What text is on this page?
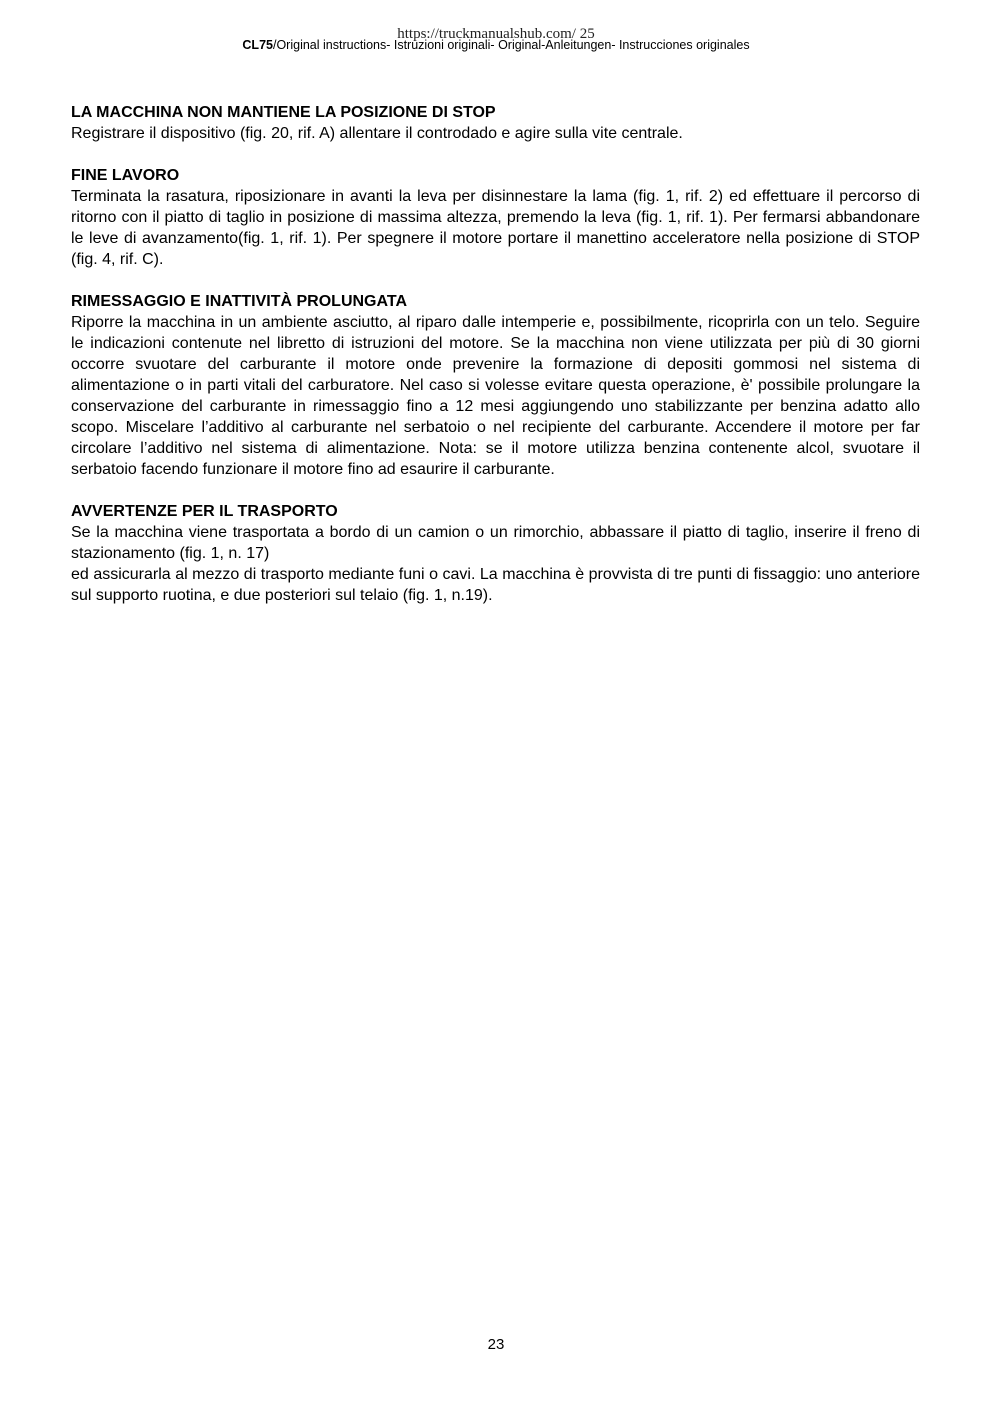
https://truckmanualshub.com/ 25
CL75/Original instructions- Istruzioni originali- Original-Anleitungen- Instrucciones originales
LA MACCHINA NON MANTIENE LA POSIZIONE DI STOP

Registrare il dispositivo (fig. 20, rif. A) allentare il controdado e agire sulla vite centrale.

FINE LAVORO

Terminata la rasatura, riposizionare in avanti la leva per disinnestare la lama (fig. 1, rif. 2) ed effettuare il percorso di ritorno con il piatto di taglio in posizione di massima altezza, premendo la leva (fig. 1, rif. 1). Per fermarsi abbandonare le leve di avanzamento(fig. 1, rif. 1). Per spegnere il motore portare il manettino acceleratore nella posizione di STOP (fig. 4, rif. C).

RIMESSAGGIO E INATTIVITÀ PROLUNGATA

Riporre la macchina in un ambiente asciutto, al riparo dalle intemperie e, possibilmente, ricoprirla con un telo. Seguire le indicazioni contenute nel libretto di istruzioni del motore. Se la macchina non viene utilizzata per più di 30 giorni occorre svuotare del carburante il motore onde prevenire la formazione di depositi gommosi nel sistema di alimentazione o in parti vitali del carburatore. Nel caso si volesse evitare questa operazione, è' possibile prolungare la conservazione del carburante in rimessaggio fino a 12 mesi aggiungendo uno stabilizzante per benzina adatto allo scopo. Miscelare l’additivo al carburante nel serbatoio o nel recipiente del carburante. Accendere il motore per far circolare l’additivo nel sistema di alimentazione. Nota: se il motore utilizza benzina contenente alcol, svuotare il serbatoio facendo funzionare il motore fino ad esaurire il carburante.

AVVERTENZE PER IL TRASPORTO

Se la macchina viene trasportata a bordo di un camion o un rimorchio, abbassare il piatto di taglio, inserire il freno di stazionamento (fig. 1, n. 17)

ed assicurarla al mezzo di trasporto mediante funi o cavi. La macchina è provvista di tre punti di fissaggio: uno anteriore sul supporto ruotina, e due posteriori sul telaio (fig. 1, n.19).

23
